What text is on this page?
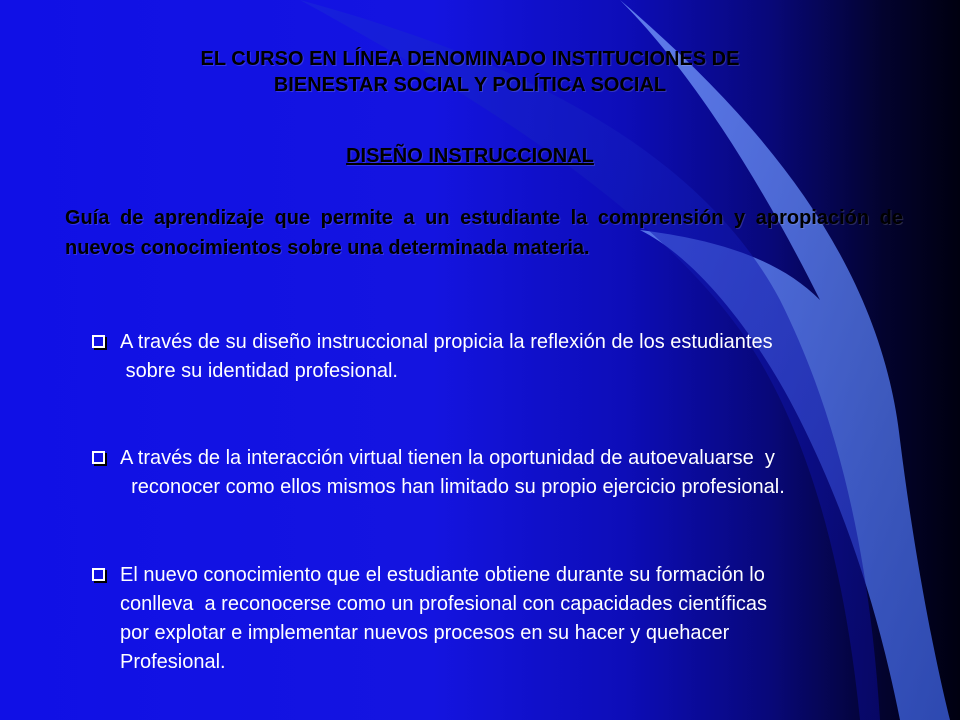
EL CURSO EN LÍNEA DENOMINADO INSTITUCIONES DE
BIENESTAR SOCIAL Y POLÍTICA SOCIAL
DISEÑO INSTRUCCIONAL
Guía de aprendizaje que permite a un estudiante la comprensión y apropiación de nuevos conocimientos sobre una determinada materia.
A través de su diseño instruccional propicia la reflexión de los estudiantes
sobre su identidad profesional.
A través de la interacción virtual tienen la oportunidad de autoevaluarse  y
reconocer como ellos mismos han limitado su propio ejercicio profesional.
El nuevo conocimiento que el estudiante obtiene durante su formación lo
conlleva  a reconocerse como un profesional con capacidades científicas
por explotar e implementar nuevos procesos en su hacer y quehacer
Profesional.
